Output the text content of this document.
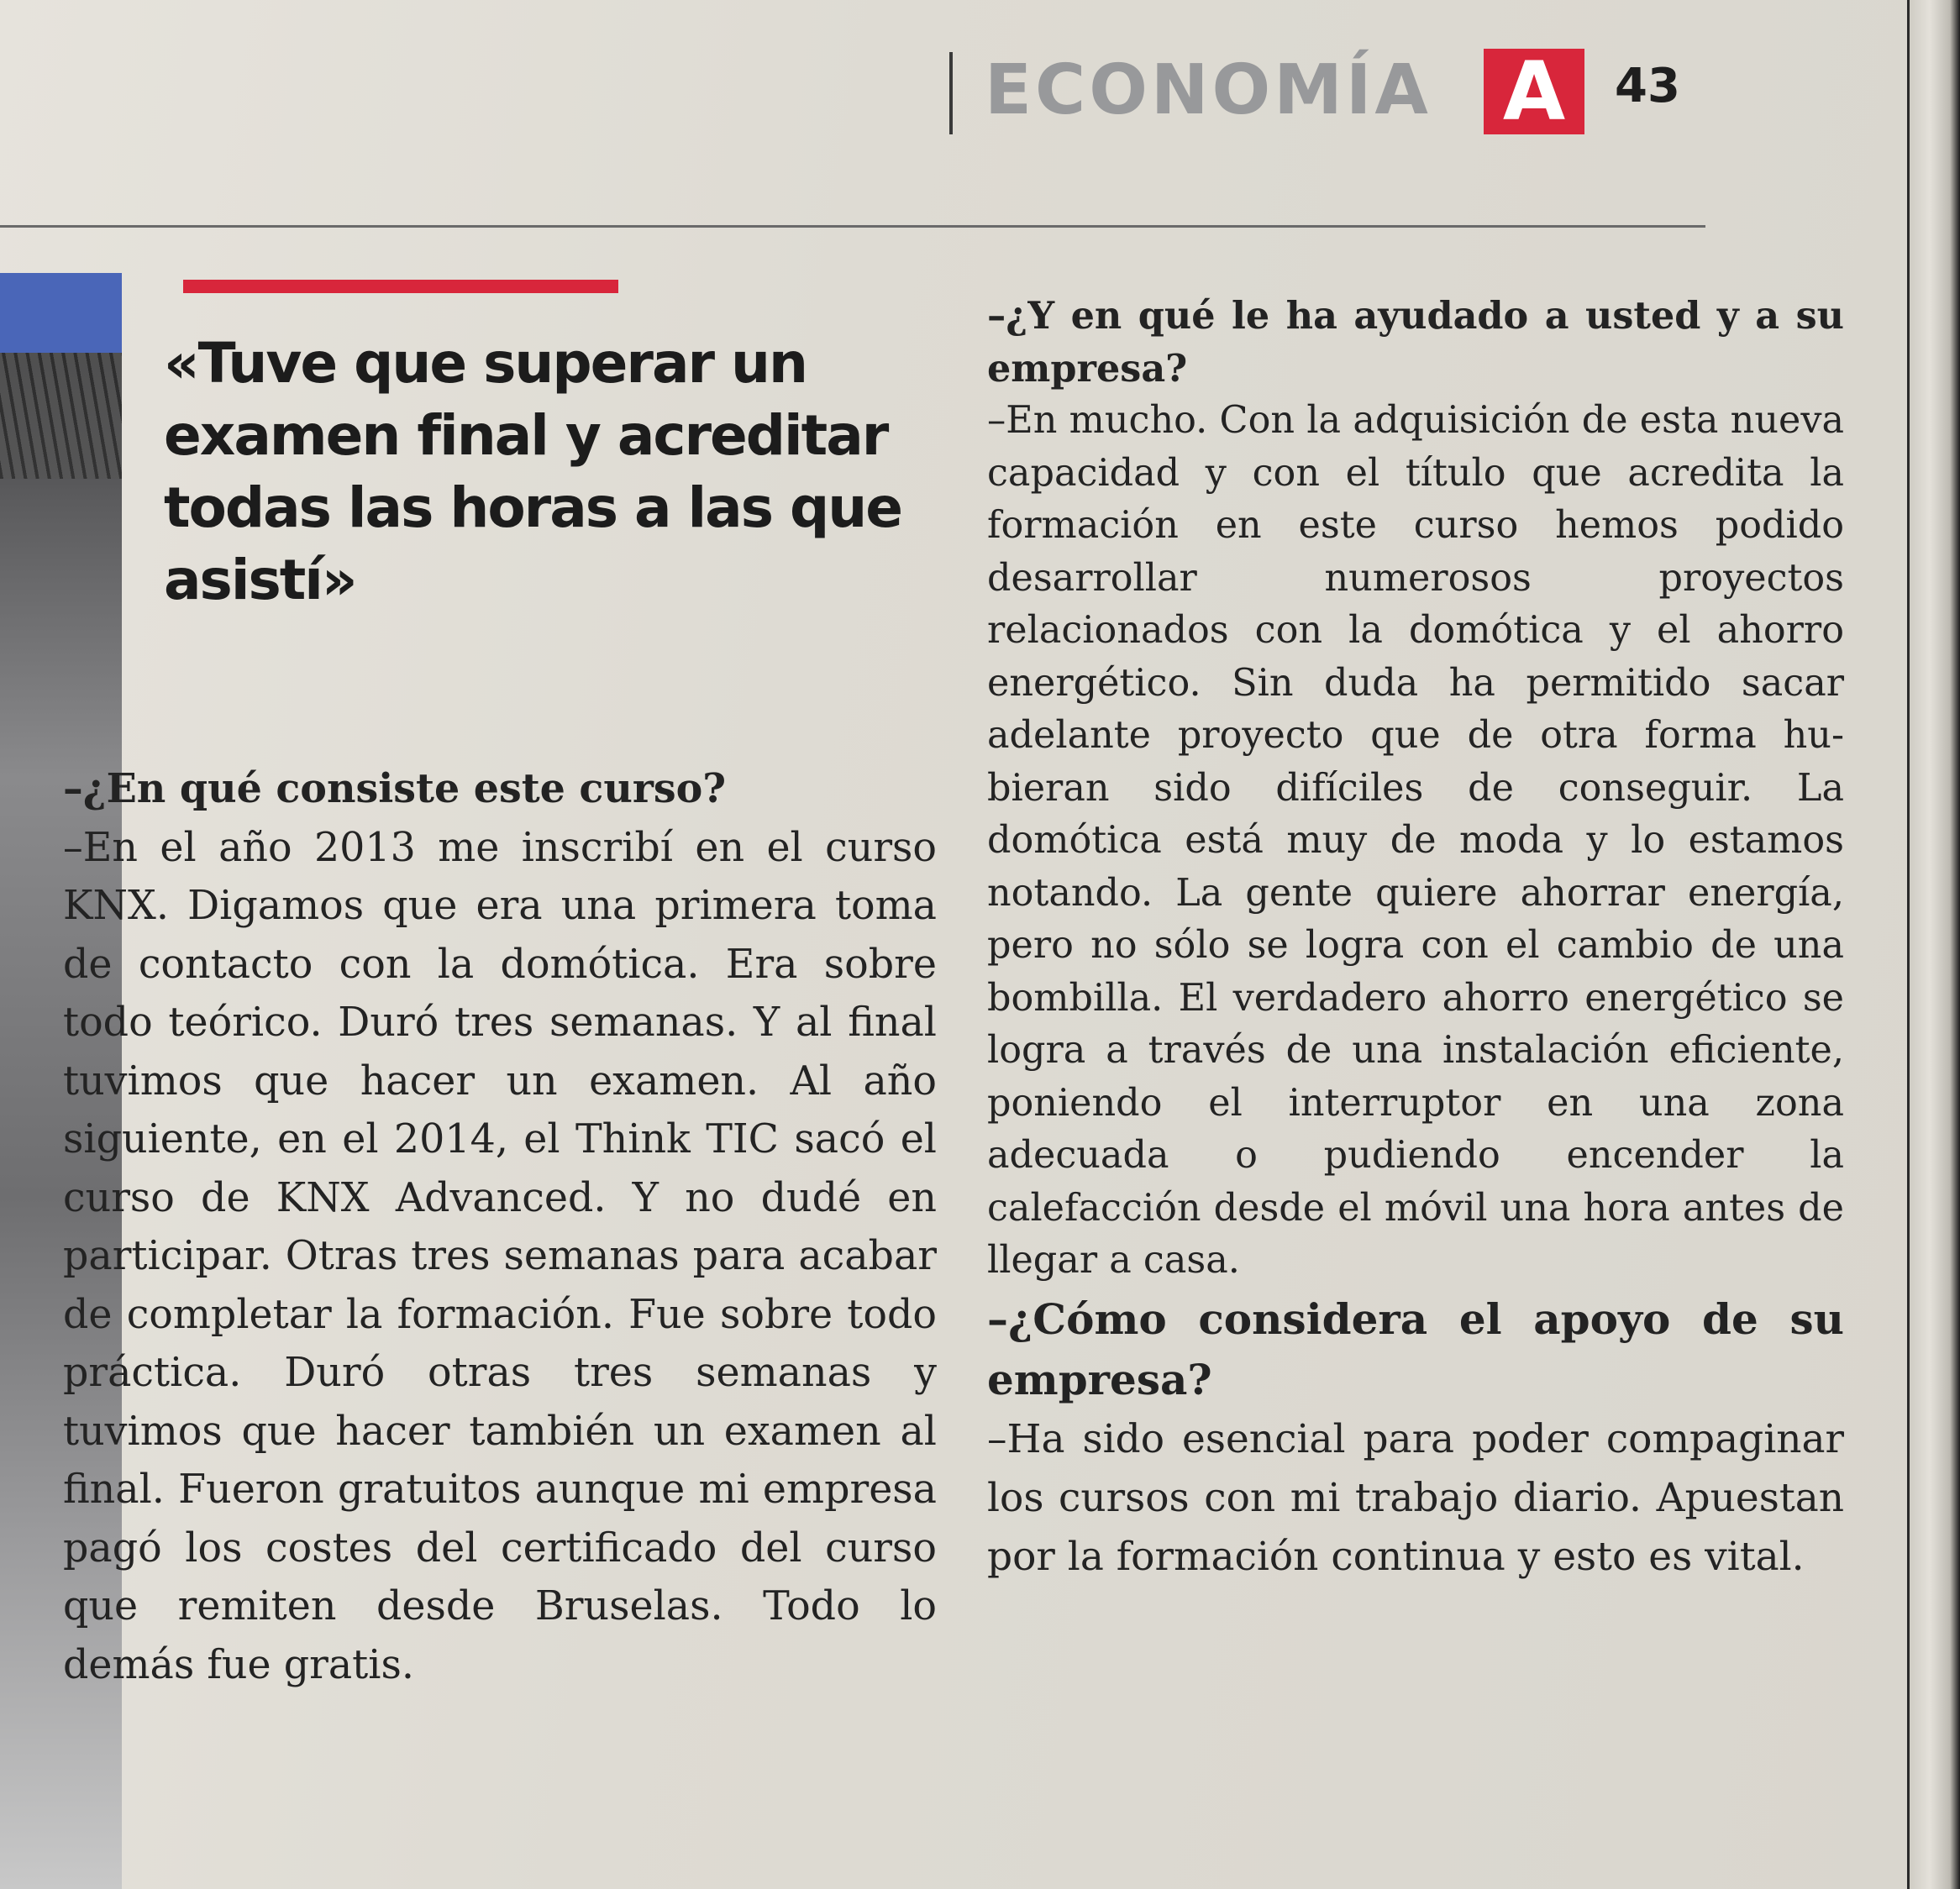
ECONOMÍA A	43
«Tuve que superar un examen final y acreditar todas las horas a las que asistí»

–¿En qué consiste este curso?

–En el año 2013 me inscribí en el curso KNX. Digamos que era una primera toma de contacto con la domótica. Era sobre todo teórico. Duró tres semanas. Y al final tuvimos que hacer un examen. Al año siguiente, en el 2014, el Think TIC sacó el curso de KNX Advanced. Y no dudé en participar. Otras tres semanas para acabar de completar la formación. Fue sobre todo práctica. Duró otras tres semanas y tuvimos que hacer también un examen al final. Fueron gratuitos aunque mi empresa pagó los costes del certificado del curso que remiten desde Bruselas. Todo lo demás fue gratis.

–¿Y en qué le ha ayudado a usted y a su empresa?

–En mucho. Con la adquisición de esta nueva capacidad y con el título que acredita la formación en este curso hemos podido desarrollar numerosos proyectos relacionados con la domótica y el ahorro energético. Sin duda ha permitido sacar adelante proyecto que de otra forma hubieran sido difíciles de conseguir. La domótica está muy de moda y lo estamos notando. La gente quiere ahorrar energía, pero no sólo se logra con el cambio de una bombilla. El verdadero ahorro energético se logra a través de una instalación eficiente, poniendo el interruptor en una zona adecuada o pudiendo encender la calefacción desde el móvil una hora antes de llegar a casa.

–¿Cómo considera el apoyo de su empresa?

–Ha sido esencial para poder compaginar los cursos con mi trabajo diario. Apuestan por la formación continua y esto es vital.
